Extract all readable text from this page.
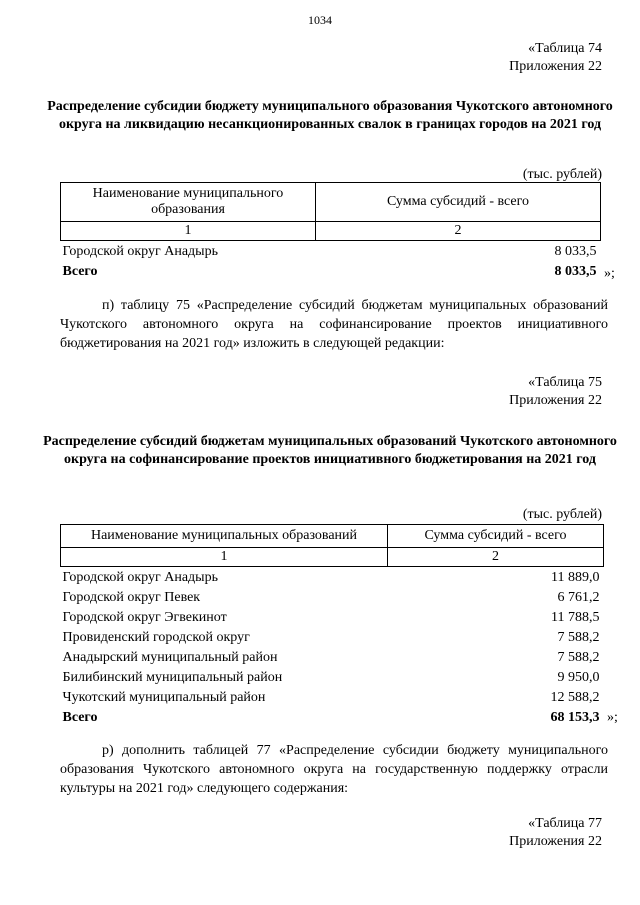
1034
«Таблица 74
Приложения 22
Распределение субсидии бюджету муниципального образования Чукотского автономного округа на ликвидацию несанкционированных свалок в границах городов на 2021 год
(тыс. рублей)
Наименование муниципального образования	Сумма субсидий - всего
1	2
Городской округ Анадырь	8 033,5
Всего	8 033,5 »;
п) таблицу 75 «Распределение субсидий бюджетам муниципальных образований Чукотского автономного округа на софинансирование проектов инициативного бюджетирования на 2021 год» изложить в следующей редакции:
«Таблица 75
Приложения 22
Распределение субсидий бюджетам муниципальных образований Чукотского автономного округа на софинансирование проектов инициативного бюджетирования на 2021 год
(тыс. рублей)
Наименование муниципальных образований	Сумма субсидий - всего
1	2
Городской округ Анадырь	11 889,0
Городской округ Певек	6 761,2
Городской округ Эгвекинот	11 788,5
Провиденский городской округ	7 588,2
Анадырский муниципальный район	7 588,2
Билибинский муниципальный район	9 950,0
Чукотский муниципальный район	12 588,2
Всего	68 153,3 »;
р) дополнить таблицей 77 «Распределение субсидии бюджету муниципального образования Чукотского автономного округа на государственную поддержку отрасли культуры на 2021 год» следующего содержания:
«Таблица 77
Приложения 22
